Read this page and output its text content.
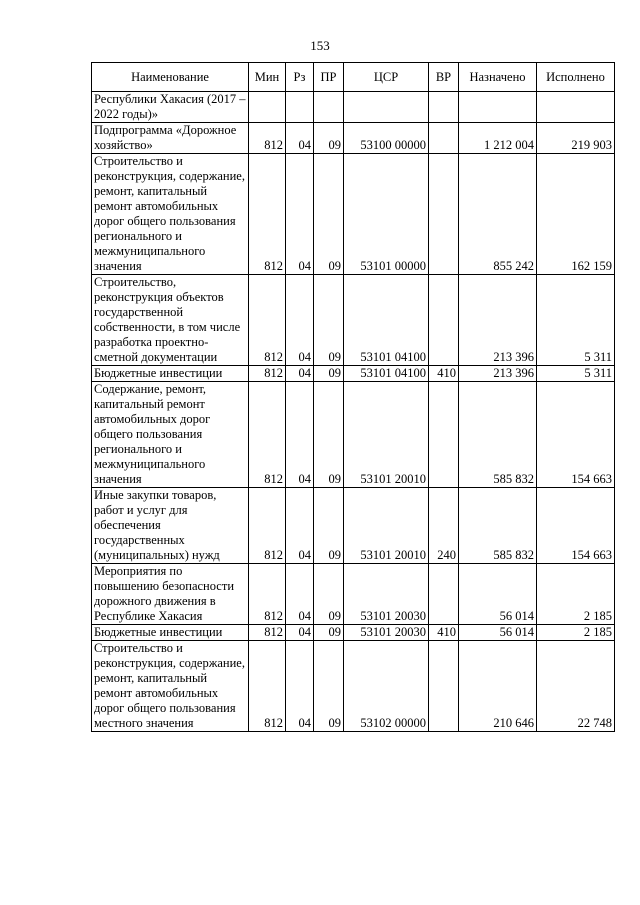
153
Наименование	Мин	Рз	ПР	ЦСР	ВР	Назначено	Исполнено
Республики Хакасия (2017 – 2022 годы)»							
Подпрограмма «Дорожное хозяйство»	812	04	09	53100 00000		1 212 004	219 903
Строительство и реконструкция, содержание, ремонт, капитальный ремонт автомобильных дорог общего пользования регионального и межмуниципального значения	812	04	09	53101 00000		855 242	162 159
Строительство, реконструкция объектов государственной собственности, в том числе разработка проектно-сметной документации	812	04	09	53101 04100		213 396	5 311
Бюджетные инвестиции	812	04	09	53101 04100	410	213 396	5 311
Содержание, ремонт, капитальный ремонт автомобильных дорог общего пользования регионального и межмуниципального значения	812	04	09	53101 20010		585 832	154 663
Иные закупки товаров, работ и услуг для обеспечения государственных (муниципальных) нужд	812	04	09	53101 20010	240	585 832	154 663
Мероприятия по повышению безопасности дорожного движения в Республике Хакасия	812	04	09	53101 20030		56 014	2 185
Бюджетные инвестиции	812	04	09	53101 20030	410	56 014	2 185
Строительство и реконструкция, содержание, ремонт, капитальный ремонт автомобильных дорог общего пользования местного значения	812	04	09	53102 00000		210 646	22 748
